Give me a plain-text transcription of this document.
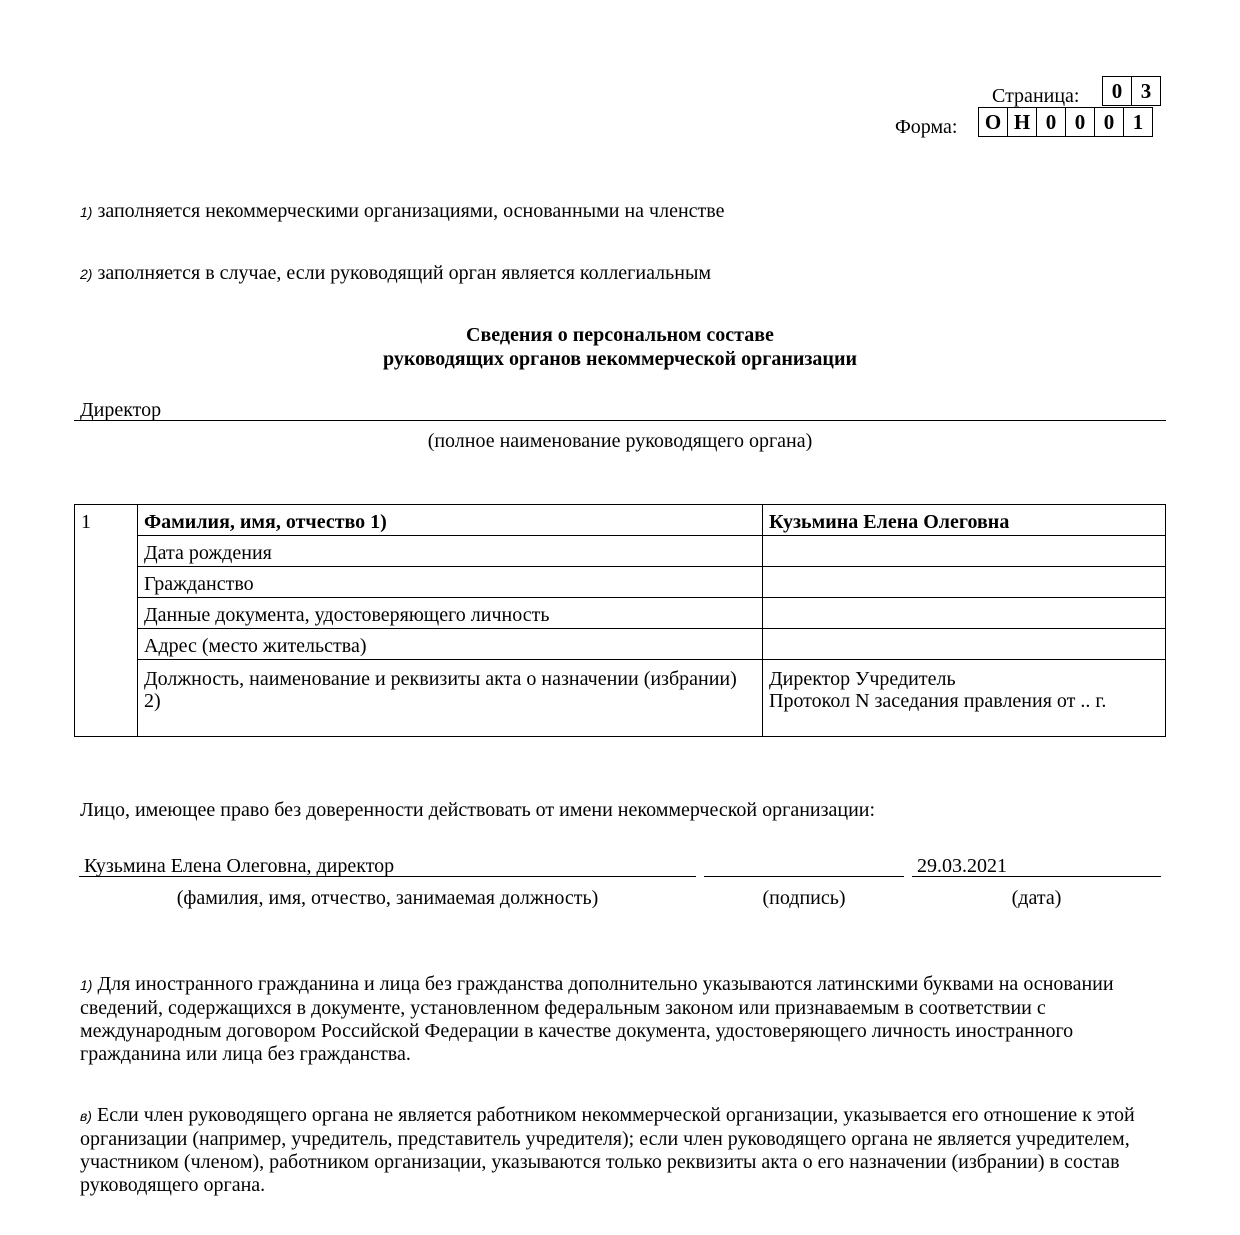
Страница:	0 3
Форма:	О Н 0 0 0 1
1) заполняется некоммерческими организациями, основанными на членстве
2) заполняется в случае, если руководящий орган является коллегиальным
Сведения о персональном составе
руководящих органов некоммерческой организации
Директор
(полное наименование руководящего органа)
1	Фамилия, имя, отчество 1)	Кузьмина Елена Олеговна
	Дата рождения	
	Гражданство	
	Данные документа, удостоверяющего личность	
	Адрес (место жительства)	
	Должность, наименование и реквизиты акта о назначении (избрании) 2)	Директор Учредитель
Протокол N заседания правления от .. г.
Лицо, имеющее право без доверенности действовать от имени некоммерческой организации:
Кузьмина Елена Олеговна, директор	29.03.2021
(фамилия, имя, отчество, занимаемая должность)	(подпись)	(дата)
1) Для иностранного гражданина и лица без гражданства дополнительно указываются латинскими буквами на основании сведений, содержащихся в документе, установленном федеральным законом или признаваемым в соответствии с международным договором Российской Федерации в качестве документа, удостоверяющего личность иностранного гражданина или лица без гражданства.
в) Если член руководящего органа не является работником некоммерческой организации, указывается его отношение к этой организации (например, учредитель, представитель учредителя); если член руководящего органа не является учредителем, участником (членом), работником организации, указываются только реквизиты акта о его назначении (избрании) в состав руководящего органа.
